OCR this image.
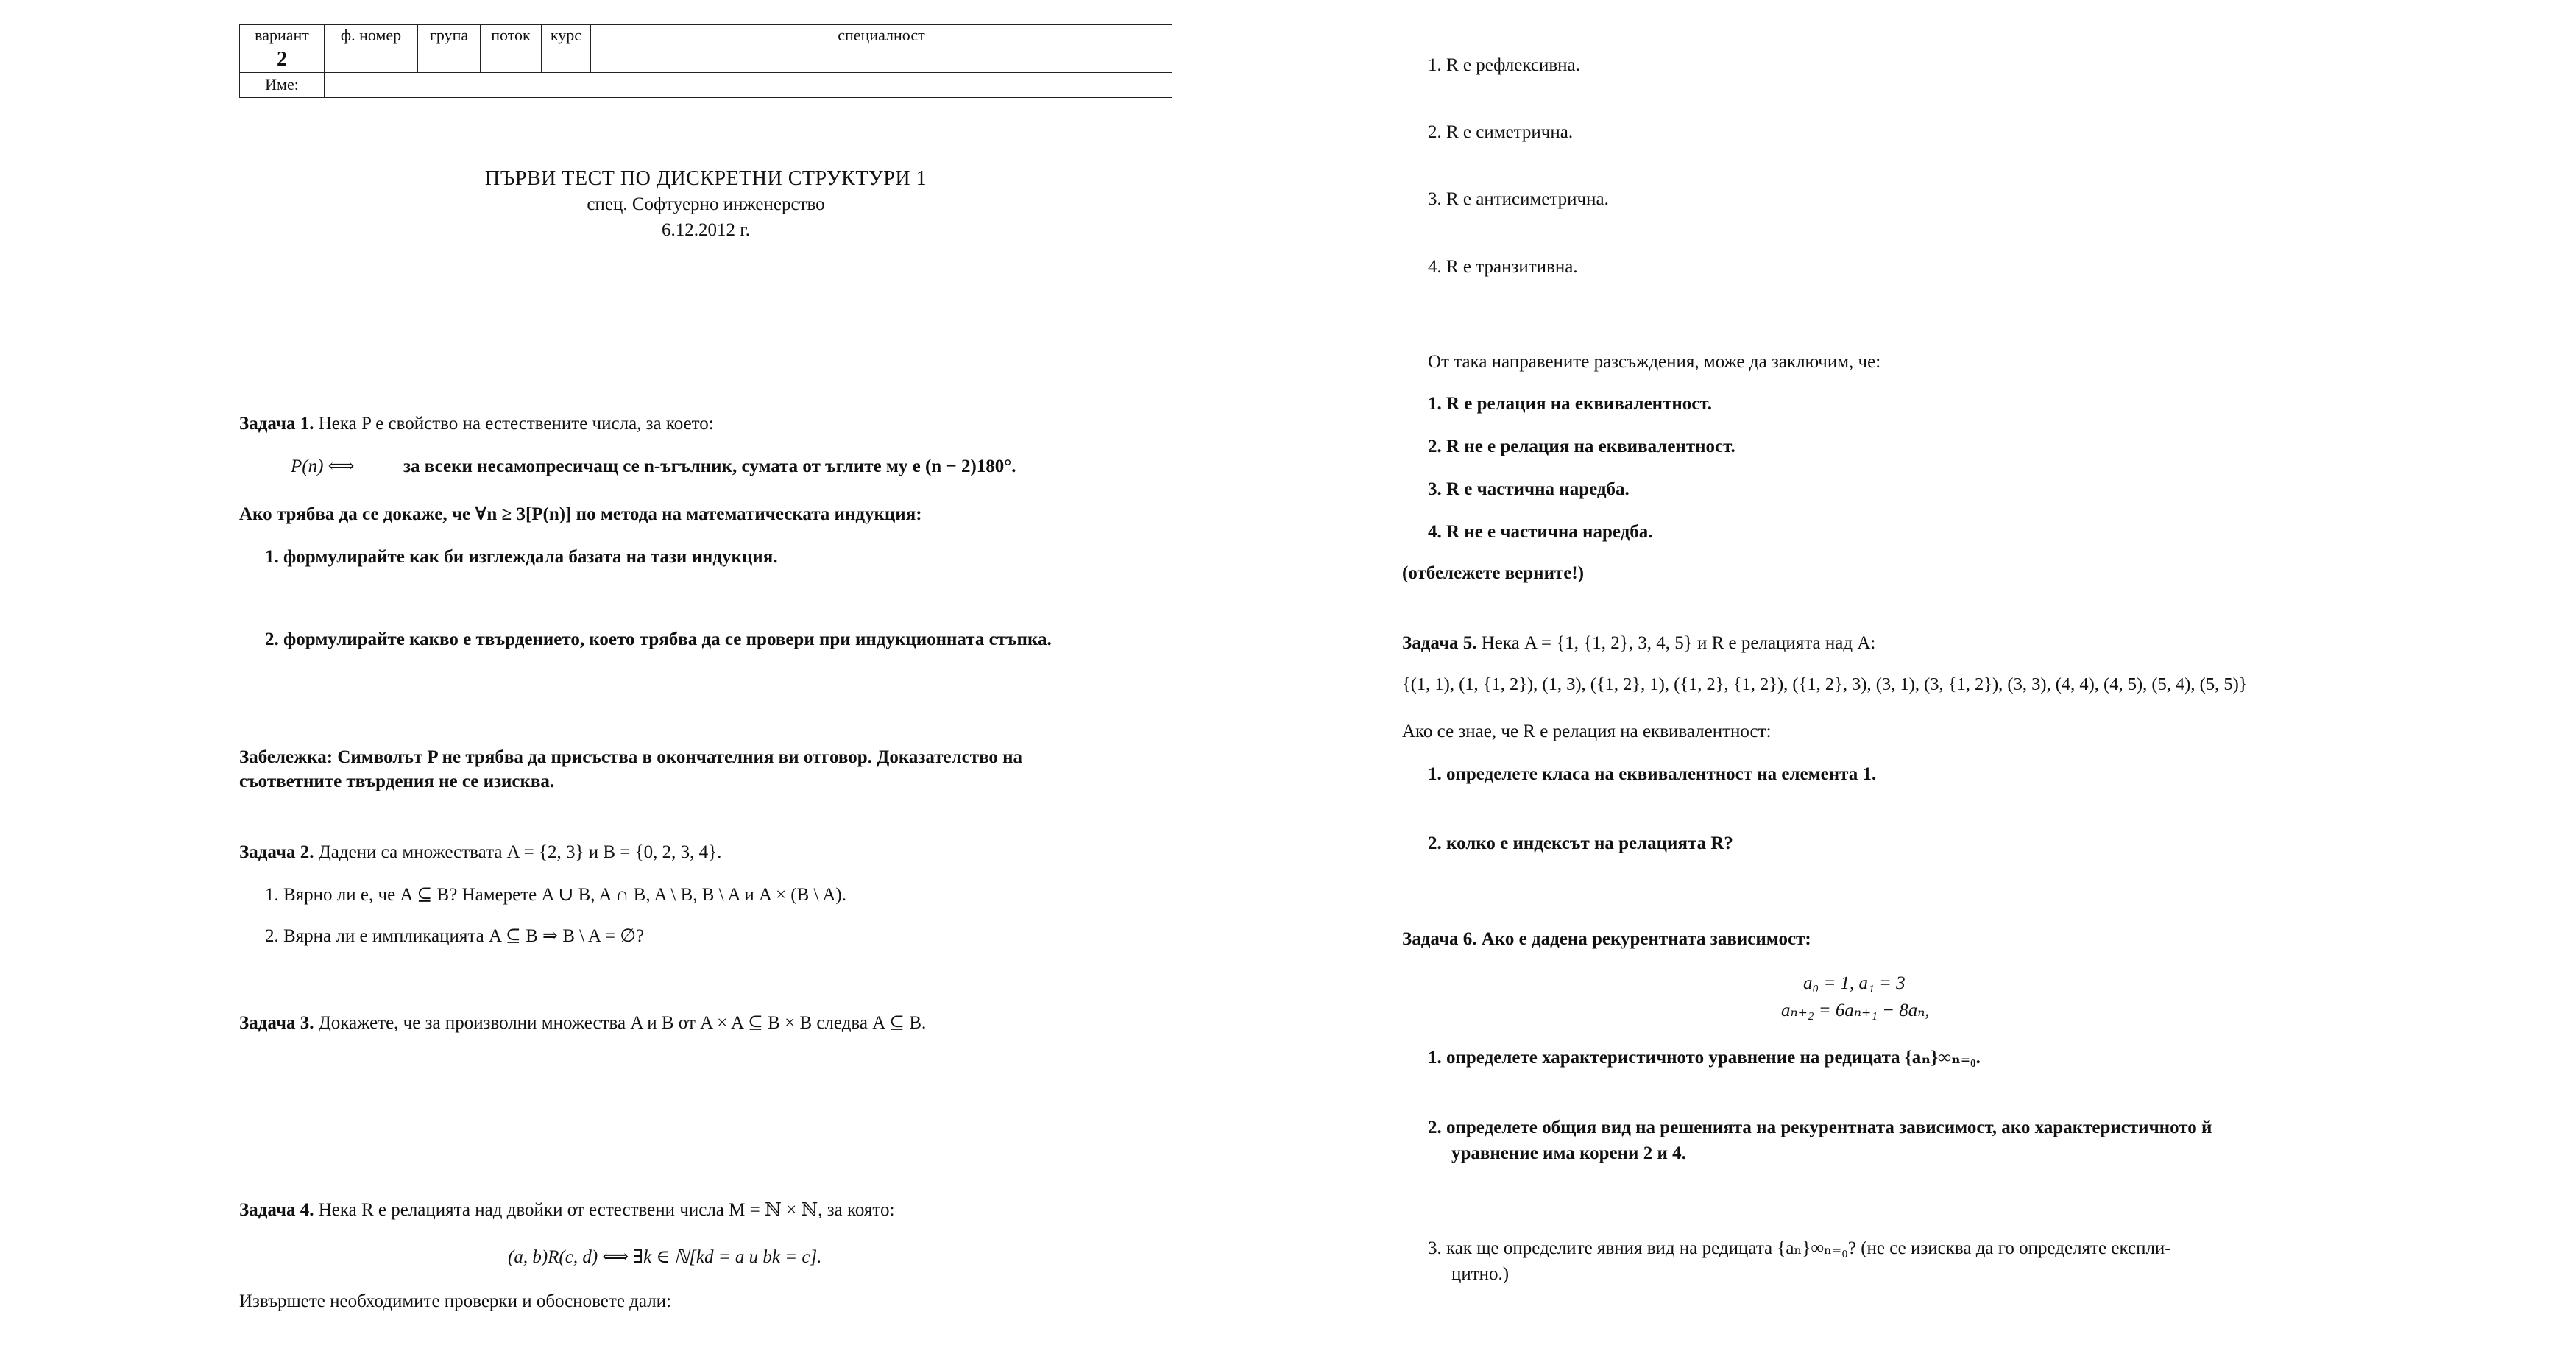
вариант	ф. номер	група	поток	курс	специалност
2					
Име:					
ПЪРВИ ТЕСТ ПО ДИСКРЕТНИ СТРУКТУРИ 1
спец. Софтуерно инженерство
6.12.2012 г.
Задача 1. Нека P е свойство на естествените числа, за което:
P(n) ⟺	за всеки несамопресичащ се n-ъгълник, сумата от ъглите му е (n − 2)180°.
Ако трябва да се докаже, че ∀n ≥ 3[P(n)] по метода на математическата индукция:
1. формулирайте как би изглеждала базата на тази индукция.
2. формулирайте какво е твърдението, което трябва да се провери при индукционната стъпка.
Забележка: Символът P не трябва да присъства в окончателния ви отговор. Доказателство на
съответните твърдения не се изисква.
Задача 2. Дадени са множествата A = {2, 3} и B = {0, 2, 3, 4}.
1. Вярно ли е, че A ⊆ B? Намерете A ∪ B, A ∩ B, A \ B, B \ A и A × (B \ A).
2. Вярна ли е импликацията A ⊆ B ⇒ B \ A = ∅?
Задача 3. Докажете, че за произволни множества A и B от A × A ⊆ B × B следва A ⊆ B.
Задача 4. Нека R е релацията над двойки от естествени числа M = ℕ × ℕ, за която:
(a, b)R(c, d) ⟺ ∃k ∈ ℕ[kd = a и bk = c].
Извършете необходимите проверки и обосновете дали:
1. R е рефлексивна.
2. R е симетрична.
3. R е антисиметрична.
4. R е транзитивна.
От така направените разсъждения, може да заключим, че:
1. R е релация на еквивалентност.
2. R не е релация на еквивалентност.
3. R е частична наредба.
4. R не е частична наредба.
(отбележете верните!)
Задача 5. Нека A = {1, {1, 2}, 3, 4, 5} и R е релацията над A:
{(1, 1), (1, {1, 2}), (1, 3), ({1, 2}, 1), ({1, 2}, {1, 2}), ({1, 2}, 3), (3, 1), (3, {1, 2}), (3, 3), (4, 4), (4, 5), (5, 4), (5, 5)}
Ако се знае, че R е релация на еквивалентност:
1. определете класа на еквивалентност на елемента 1.
2. колко е индексът на релацията R?
Задача 6. Ако е дадена рекурентната зависимост:
a₀ = 1, a₁ = 3
aₙ₊₂ = 6aₙ₊₁ − 8aₙ,
1. определете характеристичното уравнение на редицата {aₙ}∞ₙ₌₀.
2. определете общия вид на решенията на рекурентната зависимост, ако характеристичното й
уравнение има корени 2 и 4.
3. как ще определите явния вид на редицата {aₙ}∞ₙ₌₀? (не се изисква да го определяте експли-
цитно.)
